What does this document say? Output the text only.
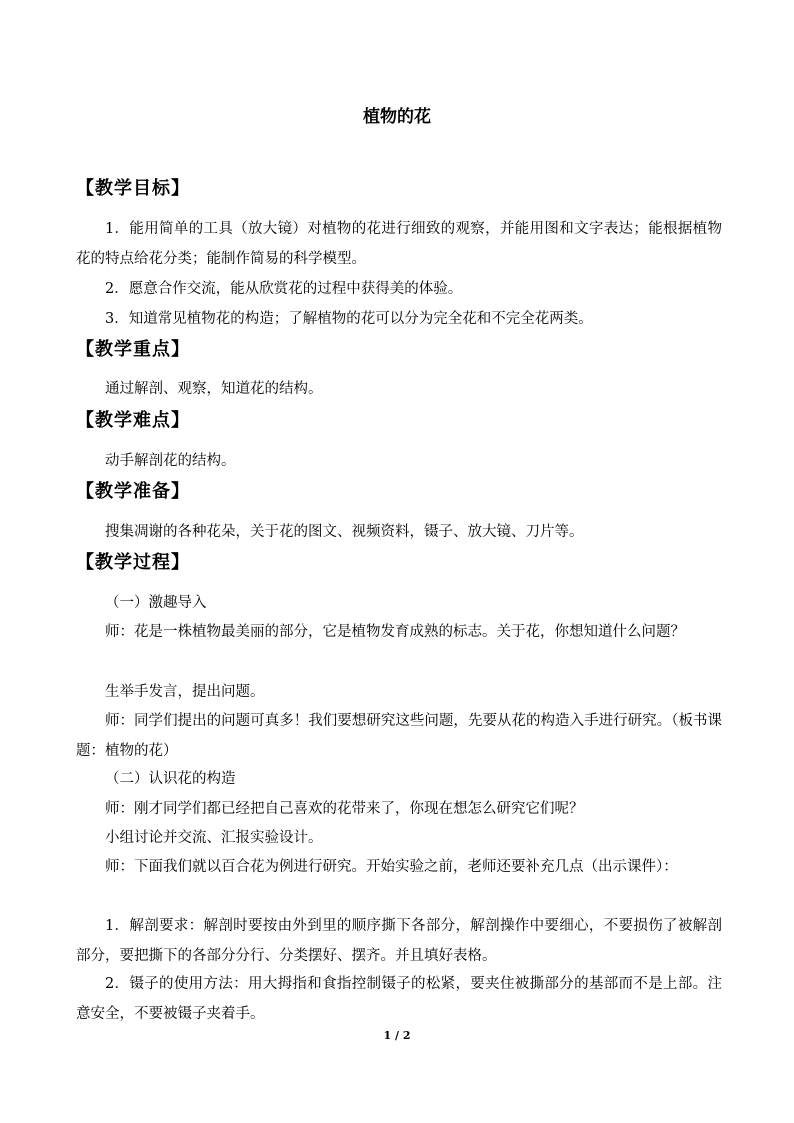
植物的花
【教学目标】
1．能用简单的工具（放大镜）对植物的花进行细致的观察，并能用图和文字表达；能根据植物花的特点给花分类；能制作简易的科学模型。
2．愿意合作交流，能从欣赏花的过程中获得美的体验。
3．知道常见植物花的构造；了解植物的花可以分为完全花和不完全花两类。
【教学重点】
通过解剖、观察，知道花的结构。
【教学难点】
动手解剖花的结构。
【教学准备】
搜集凋谢的各种花朵，关于花的图文、视频资料，镊子、放大镜、刀片等。
【教学过程】
（一）激趣导入
师：花是一株植物最美丽的部分，它是植物发育成熟的标志。关于花，你想知道什么问题？
生举手发言，提出问题。
师：同学们提出的问题可真多！我们要想研究这些问题，先要从花的构造入手进行研究。（板书课题：植物的花）
（二）认识花的构造
师：刚才同学们都已经把自己喜欢的花带来了，你现在想怎么研究它们呢？
小组讨论并交流、汇报实验设计。
师：下面我们就以百合花为例进行研究。开始实验之前，老师还要补充几点（出示课件）：
1．解剖要求：解剖时要按由外到里的顺序撕下各部分，解剖操作中要细心，不要损伤了被解剖部分，要把撕下的各部分分行、分类摆好、摆齐。并且填好表格。
2．镊子的使用方法：用大拇指和食指控制镊子的松紧，要夹住被撕部分的基部而不是上部。注意安全，不要被镊子夹着手。
1 / 2
